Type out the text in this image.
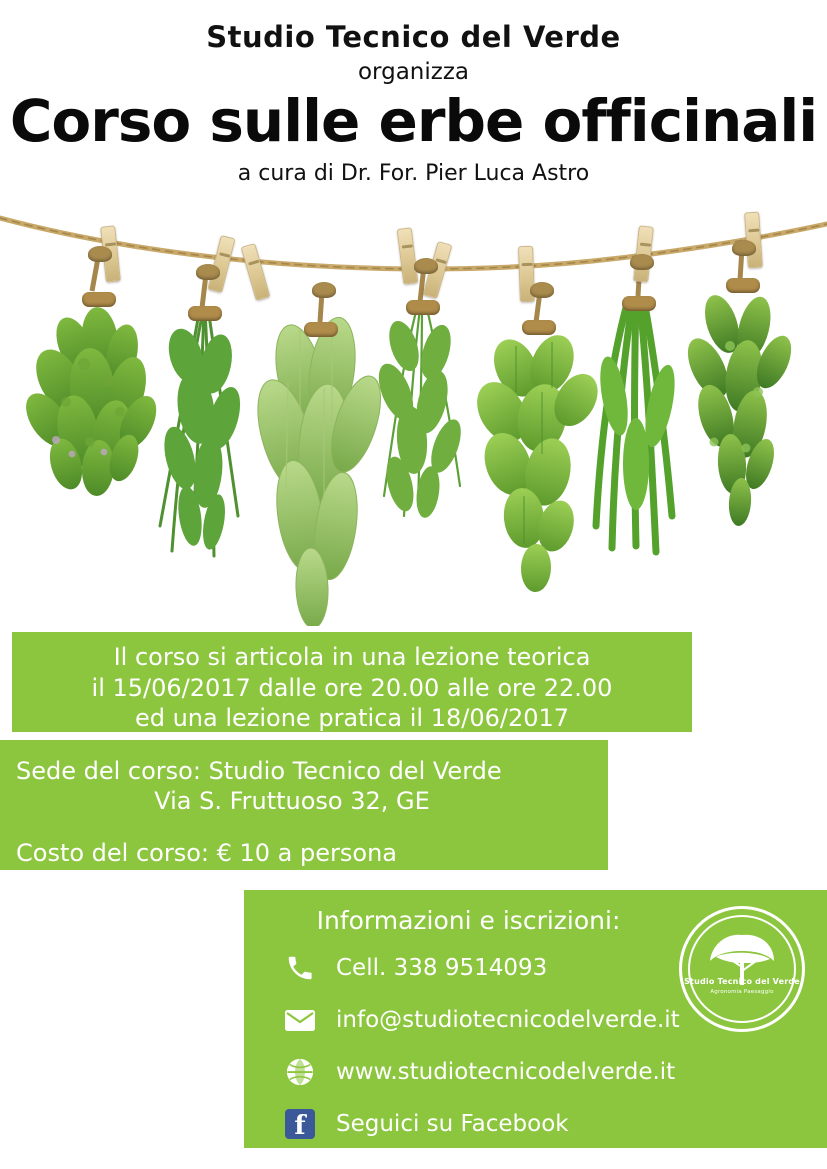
Studio Tecnico del Verde
organizza
Corso sulle erbe officinali
a cura di Dr. For. Pier Luca Astro
Il corso si articola in una lezione teorica
il 15/06/2017 dalle ore 20.00 alle ore 22.00
ed una lezione pratica il 18/06/2017
Sede del corso: Studio Tecnico del Verde
Via S. Fruttuoso 32, GE
Costo del corso: € 10 a persona
Informazioni e iscrizioni:
Cell. 338 9514093
info@studiotecnicodelverde.it
www.studiotecnicodelverde.it
f	Seguici su Facebook
Studio Tecnico del Verde
Agronomia Paesaggio
